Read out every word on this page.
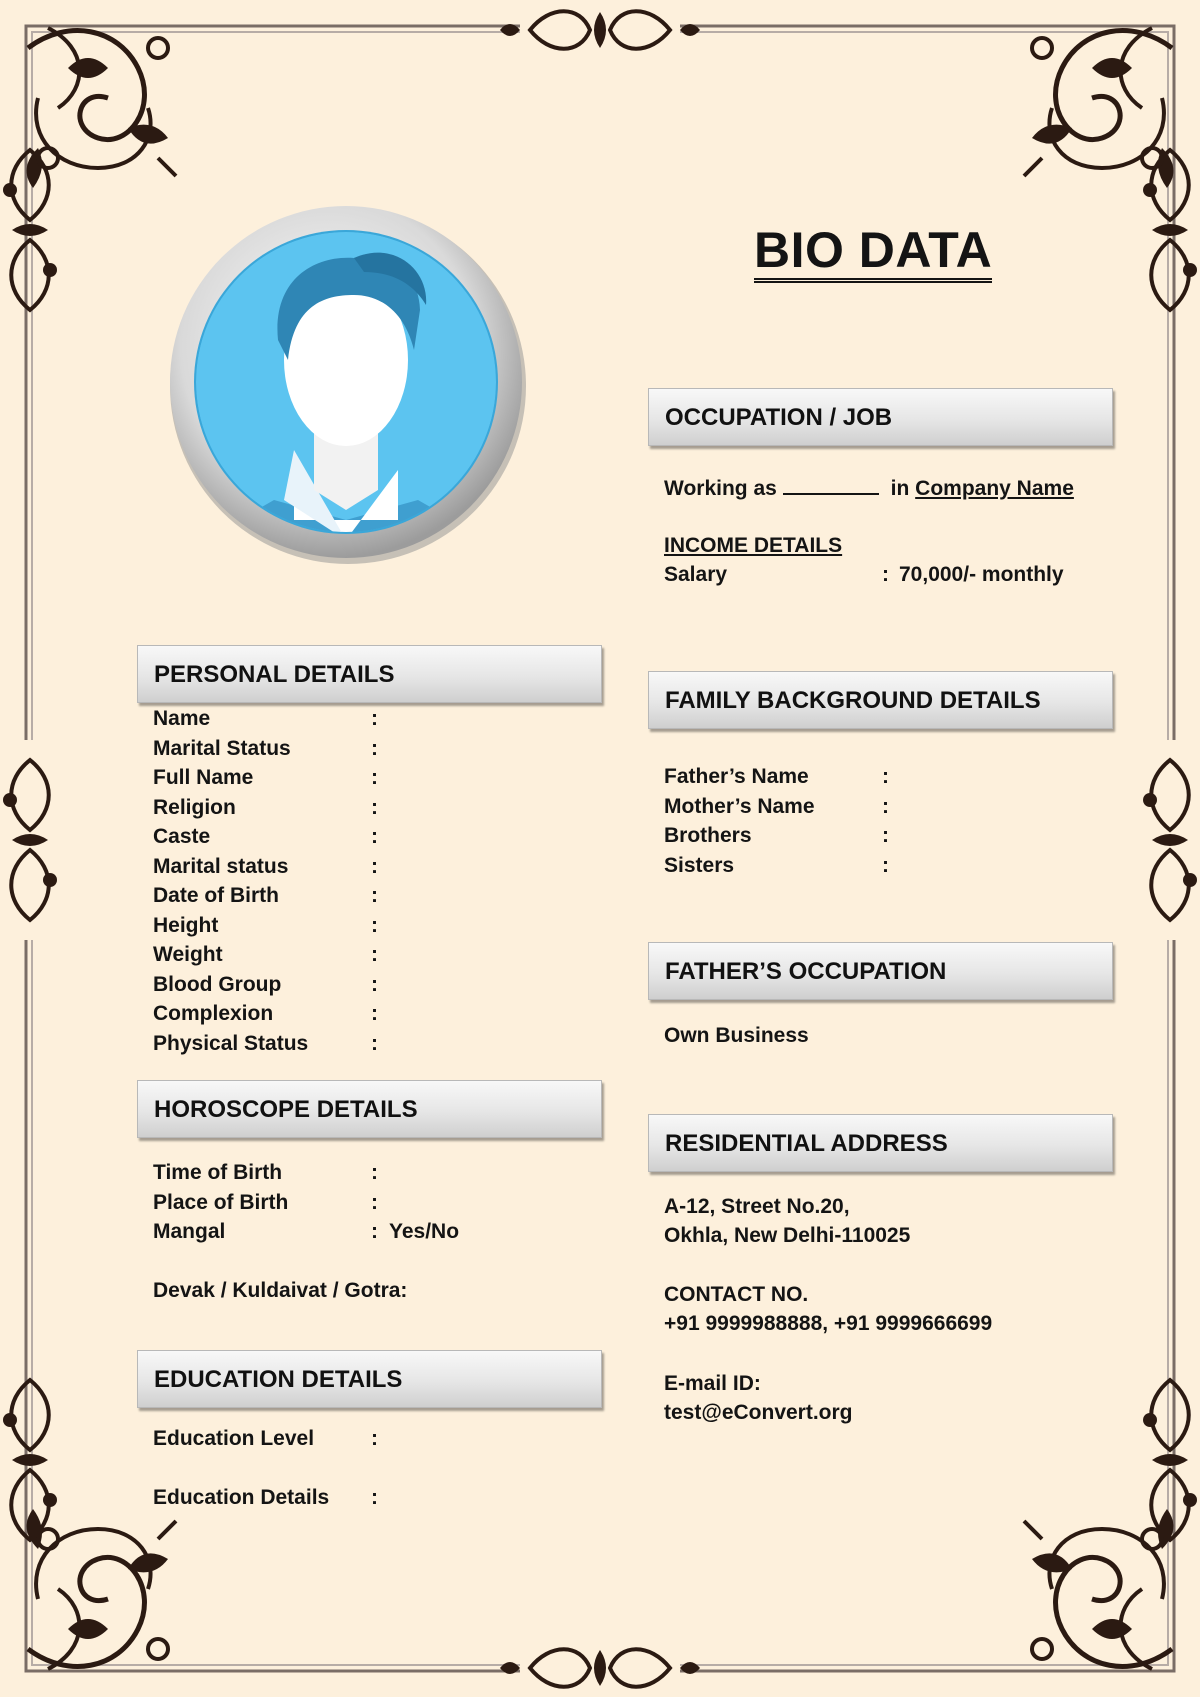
BIO DATA
OCCUPATION / JOB
Working as	in Company Name
INCOME DETAILS
Salary	: 70,000/- monthly
PERSONAL DETAILS
Name	:
Marital Status	:
Full Name	:
Religion	:
Caste	:
Marital status	:
Date of Birth	:
Height	:
Weight	:
Blood Group	:
Complexion	:
Physical Status	:
FAMILY BACKGROUND DETAILS
Father’s Name	:
Mother’s Name	:
Brothers	:
Sisters	:
FATHER’S OCCUPATION
Own Business
HOROSCOPE DETAILS
Time of Birth	:
Place of Birth	:
Mangal	: Yes/No
Devak / Kuldaivat / Gotra:
RESIDENTIAL ADDRESS
A-12, Street No.20,
Okhla, New Delhi-110025
CONTACT NO.
+91 9999988888, +91 9999666699
E-mail ID:
test@eConvert.org
EDUCATION DETAILS
Education Level	:
Education Details :
